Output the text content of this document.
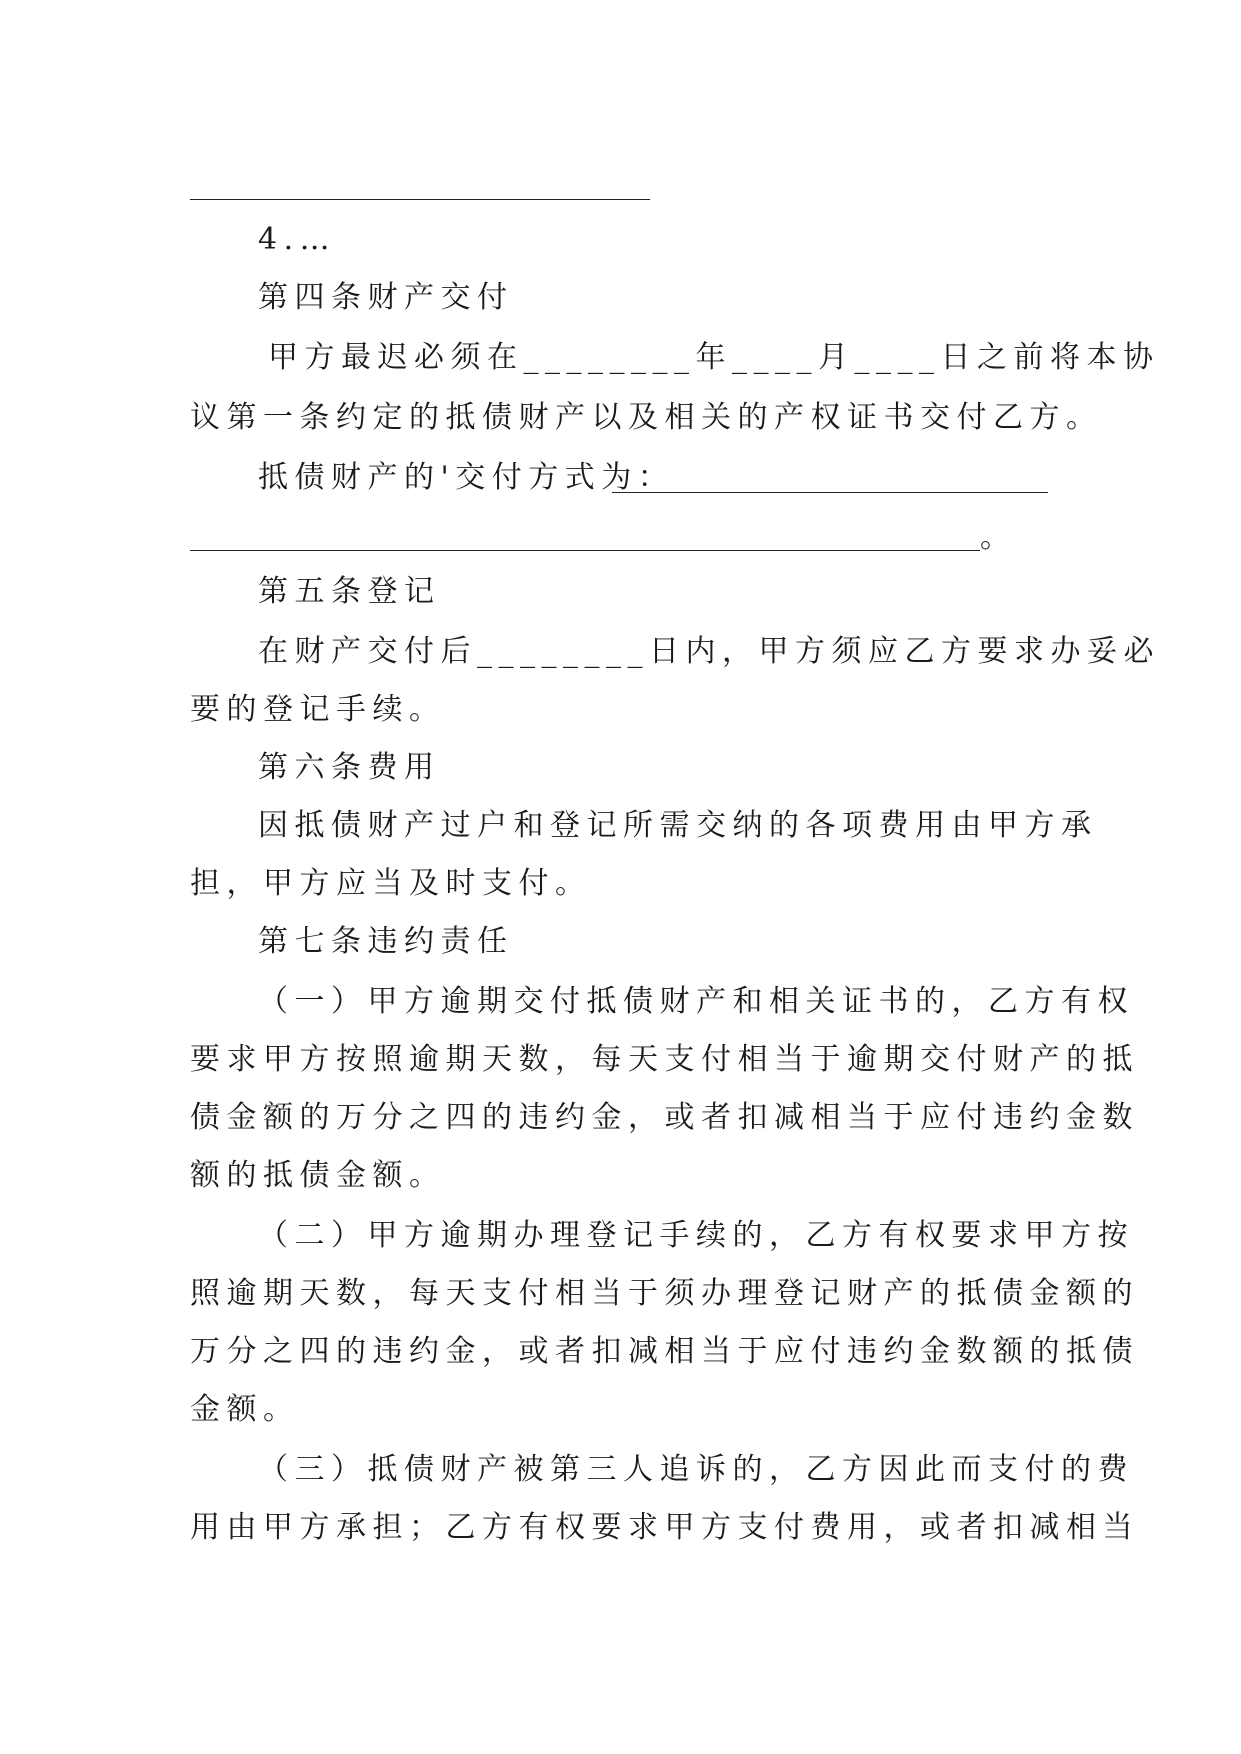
4.…
第四条财产交付
甲方最迟必须在________年____月____日之前将本协
议第一条约定的抵债财产以及相关的产权证书交付乙方。
抵债财产的'交付方式为：
。
第五条登记
在财产交付后________日内，甲方须应乙方要求办妥必
要的登记手续。
第六条费用
因抵债财产过户和登记所需交纳的各项费用由甲方承
担，甲方应当及时支付。
第七条违约责任
（一）甲方逾期交付抵债财产和相关证书的，乙方有权
要求甲方按照逾期天数，每天支付相当于逾期交付财产的抵
债金额的万分之四的违约金，或者扣减相当于应付违约金数
额的抵债金额。
（二）甲方逾期办理登记手续的，乙方有权要求甲方按
照逾期天数，每天支付相当于须办理登记财产的抵债金额的
万分之四的违约金，或者扣减相当于应付违约金数额的抵债
金额。
（三）抵债财产被第三人追诉的，乙方因此而支付的费
用由甲方承担；乙方有权要求甲方支付费用，或者扣减相当
